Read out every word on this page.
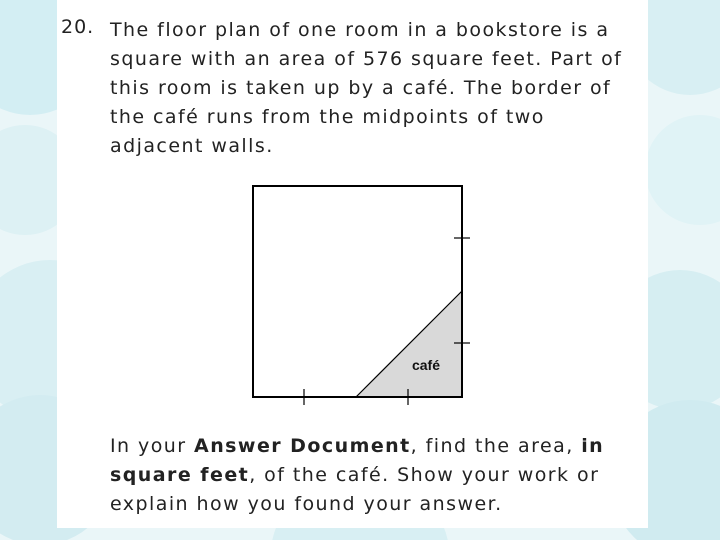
20. The floor plan of one room in a bookstore is a
square with an area of 576 square feet. Part of
this room is taken up by a café. The border of
the café runs from the midpoints of two
adjacent walls.
café
In your Answer Document, find the area, in
square feet, of the café. Show your work or
explain how you found your answer.
